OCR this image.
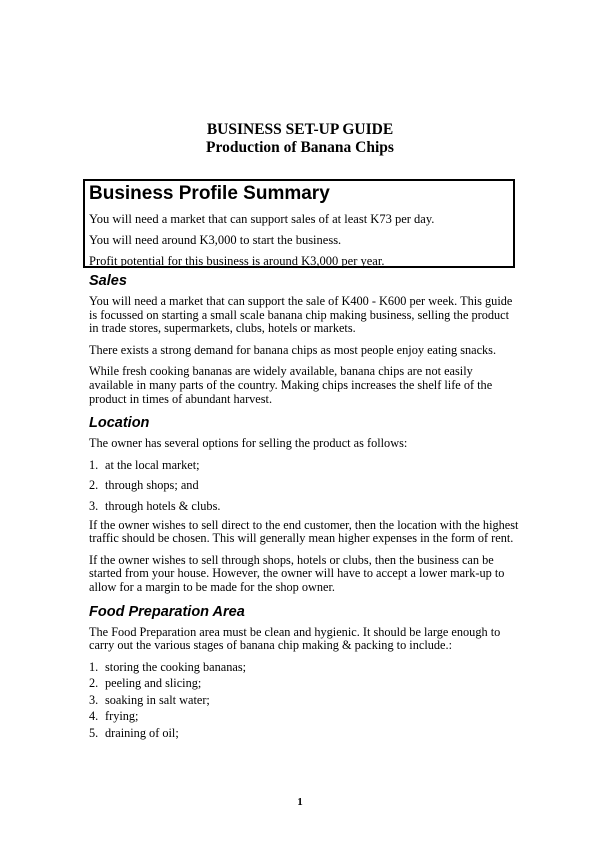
BUSINESS SET-UP GUIDE
Production of Banana Chips
Business Profile Summary
You will need a market that can support sales of at least K73 per day.
You will need around K3,000 to start the business.
Profit potential for this business is around K3,000 per year.
Sales

You will need a market that can support the sale of K400 - K600 per week. This guide is focussed on starting a small scale banana chip making business, selling the product in trade stores, supermarkets, clubs, hotels or markets.

There exists a strong demand for banana chips as most people enjoy eating snacks.

While fresh cooking bananas are widely available, banana chips are not easily available in many parts of the country. Making chips increases the shelf life of the product in times of abundant harvest.

Location

The owner has several options for selling the product as follows:

1. at the local market;
2. through shops; and
3. through hotels & clubs.

If the owner wishes to sell direct to the end customer, then the location with the highest traffic should be chosen. This will generally mean higher expenses in the form of rent.

If the owner wishes to sell through shops, hotels or clubs, then the business can be started from your house. However, the owner will have to accept a lower mark-up to allow for a margin to be made for the shop owner.

Food Preparation Area

The Food Preparation area must be clean and hygienic. It should be large enough to carry out the various stages of banana chip making & packing to include.:

1. storing the cooking bananas;
2. peeling and slicing;
3. soaking in salt water;
4. frying;
5. draining of oil;
1
